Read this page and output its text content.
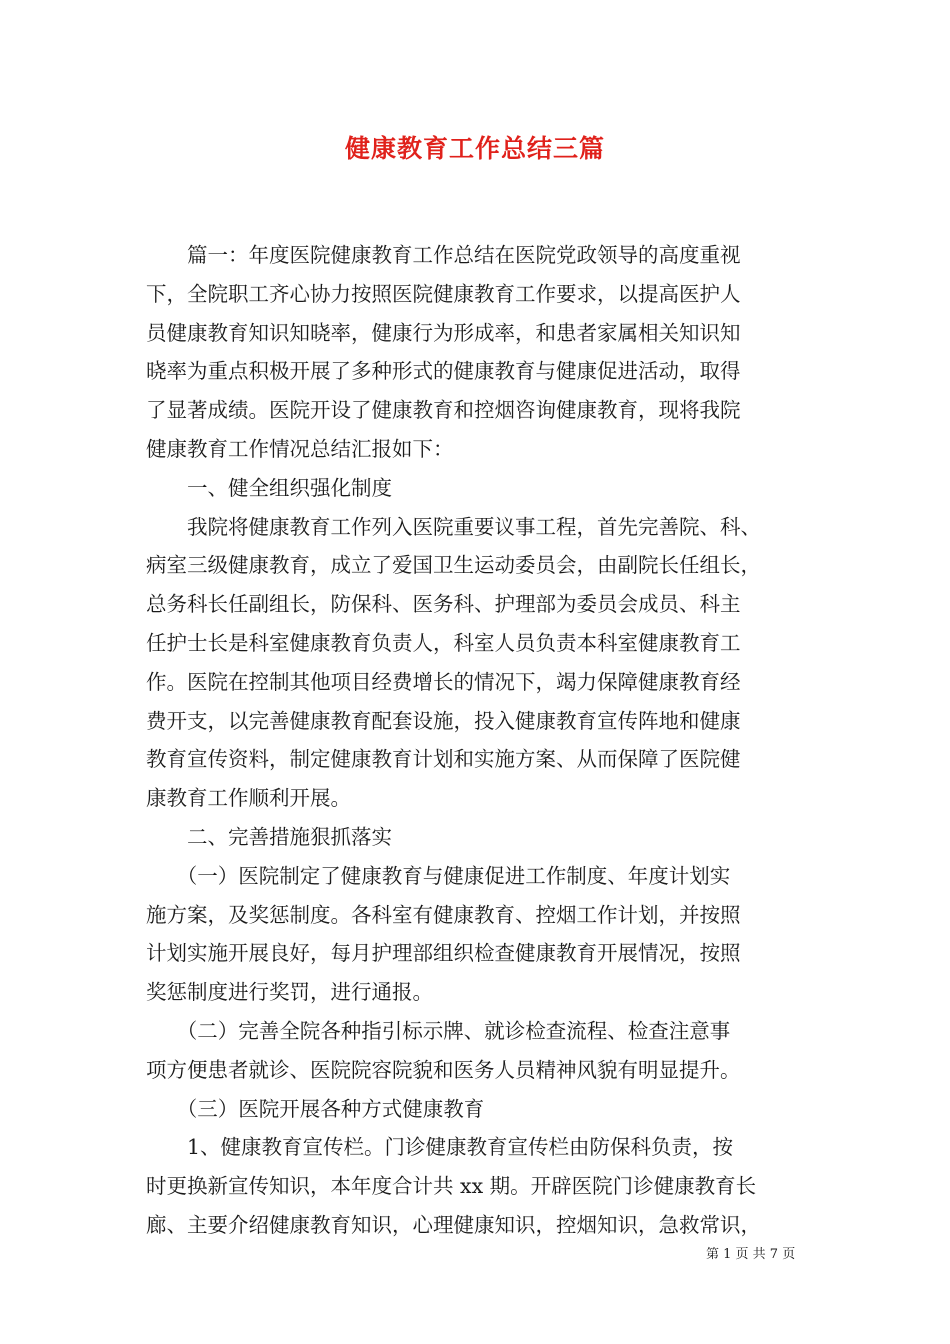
健康教育工作总结三篇
　　篇一：年度医院健康教育工作总结在医院党政领导的高度重视
下，全院职工齐心协力按照医院健康教育工作要求，以提高医护人
员健康教育知识知晓率，健康行为形成率，和患者家属相关知识知
晓率为重点积极开展了多种形式的健康教育与健康促进活动，取得
了显著成绩。医院开设了健康教育和控烟咨询健康教育，现将我院
健康教育工作情况总结汇报如下：
　　一、健全组织强化制度
　　我院将健康教育工作列入医院重要议事工程，首先完善院、科、
病室三级健康教育，成立了爱国卫生运动委员会，由副院长任组长，
总务科长任副组长，防保科、医务科、护理部为委员会成员、科主
任护士长是科室健康教育负责人，科室人员负责本科室健康教育工
作。医院在控制其他项目经费增长的情况下，竭力保障健康教育经
费开支，以完善健康教育配套设施，投入健康教育宣传阵地和健康
教育宣传资料，制定健康教育计划和实施方案、从而保障了医院健
康教育工作顺利开展。
　　二、完善措施狠抓落实
　　（一）医院制定了健康教育与健康促进工作制度、年度计划实
施方案，及奖惩制度。各科室有健康教育、控烟工作计划，并按照
计划实施开展良好，每月护理部组织检查健康教育开展情况，按照
奖惩制度进行奖罚，进行通报。
　　（二）完善全院各种指引标示牌、就诊检查流程、检查注意事
项方便患者就诊、医院院容院貌和医务人员精神风貌有明显提升。
　　（三）医院开展各种方式健康教育
　　1、健康教育宣传栏。门诊健康教育宣传栏由防保科负责，按
时更换新宣传知识，本年度合计共 xx 期。开辟医院门诊健康教育长
廊、主要介绍健康教育知识，心理健康知识，控烟知识，急救常识，
第 1 页 共 7 页
